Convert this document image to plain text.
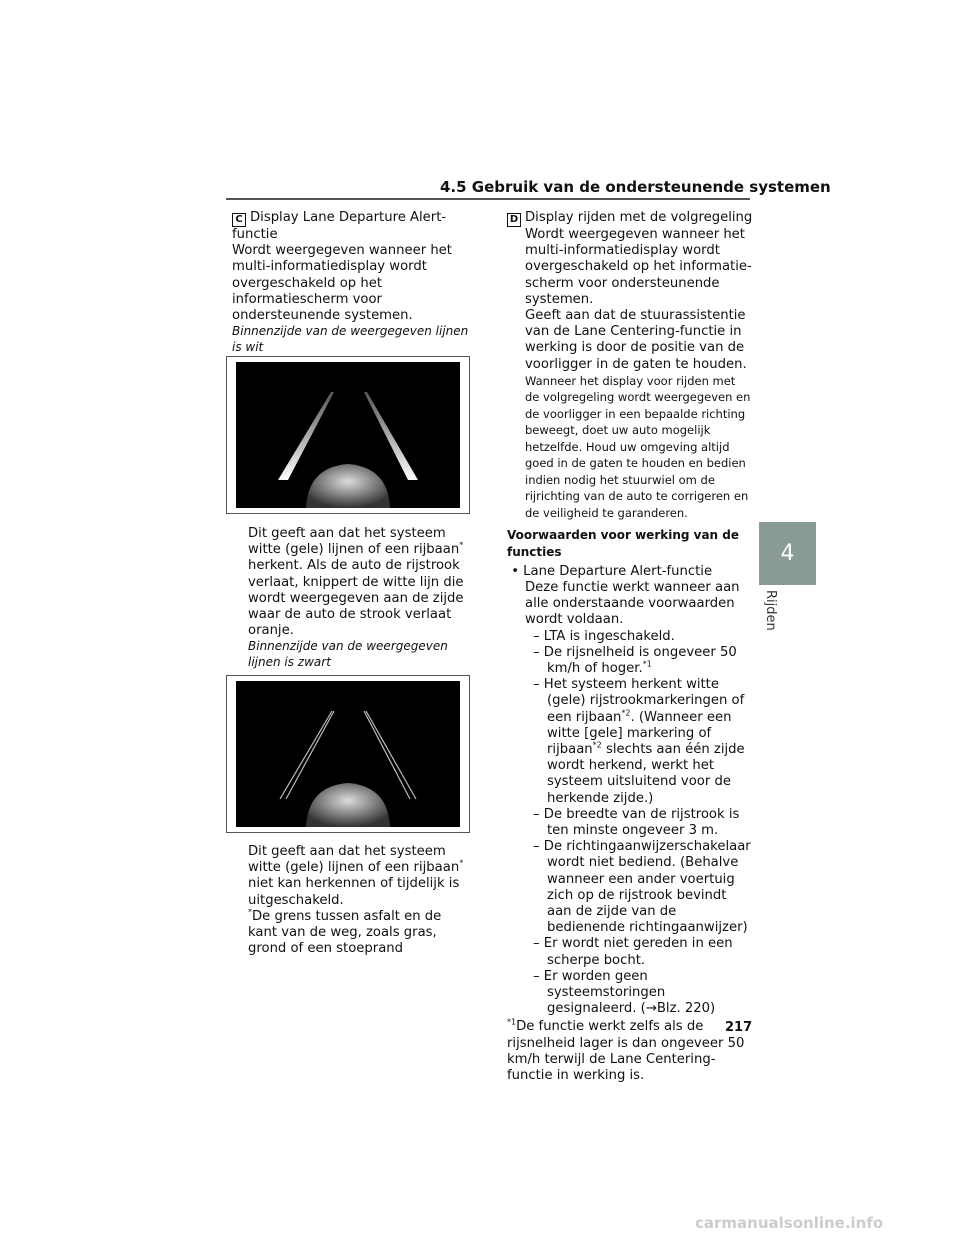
4.5 Gebruik van de ondersteunende systemen

C Display Lane Departure Alert-functie

Wordt weergegeven wanneer het multi-informatiedisplay wordt overgeschakeld op het informatiescherm voor ondersteunende systemen.

Binnenzijde van de weergegeven lijnen is wit

Dit geeft aan dat het systeem witte (gele) lijnen of een rijbaan* herkent. Als de auto de rijstrook verlaat, knippert de witte lijn die wordt weergegeven aan de zijde waar de auto de strook verlaat oranje.

Binnenzijde van de weergegeven lijnen is zwart

Dit geeft aan dat het systeem witte (gele) lijnen of een rijbaan* niet kan herkennen of tijdelijk is uitgeschakeld.

*De grens tussen asfalt en de kant van de weg, zoals gras, grond of een stoeprand

D Display rijden met de volgregeling

Wordt weergegeven wanneer het multi-informatiedisplay wordt overgeschakeld op het informatiescherm voor ondersteunende systemen.

Geeft aan dat de stuurassistentie van de Lane Centering-functie in werking is door de positie van de voorligger in de gaten te houden.

Wanneer het display voor rijden met de volgregeling wordt weergegeven en de voorligger in een bepaalde richting beweegt, doet uw auto mogelijk hetzelfde. Houd uw omgeving altijd goed in de gaten te houden en bedien indien nodig het stuurwiel om de rijrichting van de auto te corrigeren en de veiligheid te garanderen.

Voorwaarden voor werking van de functies

• Lane Departure Alert-functie

Deze functie werkt wanneer aan alle onderstaande voorwaarden wordt voldaan.

– LTA is ingeschakeld.

– De rijsnelheid is ongeveer 50 km/h of hoger.$^{*1}$

– Het systeem herkent witte (gele) rijstrookmarkeringen of een rijbaan$^{*2}$. (Wanneer een witte [gele] markering of rijbaan$^{*2}$ slechts aan één zijde wordt herkend, werkt het systeem uitsluitend voor de herkende zijde.)

– De breedte van de rijstrook is ten minste ongeveer 3 m.

– De richtingaanwijzerschakelaar wordt niet bediend. (Behalve wanneer een ander voertuig zich op de rijstrook bevindt aan de zijde van de bedienende richtingaanwijzer)

– Er wordt niet gereden in een scherpe bocht.

– Er worden geen systeemstoringen gesignaleerd. (→Blz. 220)

$^{*1}$De functie werkt zelfs als de rijsnelheid lager is dan ongeveer 50 km/h terwijl de Lane Centering-functie in werking is.

4
Rijden
217
carmanualsonline.info
